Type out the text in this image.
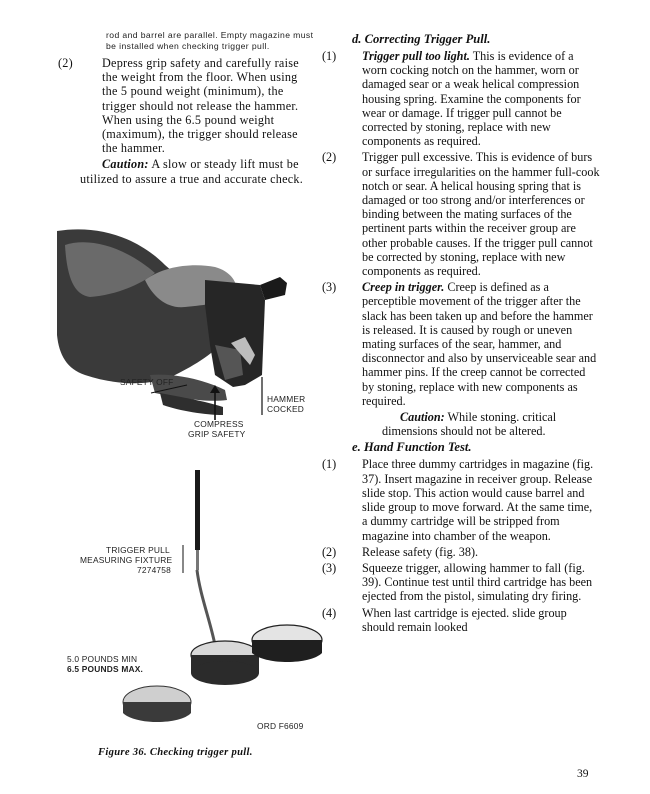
rod and barrel are parallel. Empty magazine must be installed when checking trigger pull.

(2) Depress grip safety and carefully raise the weight from the floor. When using the 5 pound weight (minimum), the trigger should not release the hammer. When using the 6.5 pound weight (maximum), the trigger should release the hammer.

Caution: A slow or steady lift must be utilized to assure a true and accurate check.

SAFETY OFF
HAMMER
COCKED
COMPRESS
GRIP SAFETY
TRIGGER PULL
MEASURING FIXTURE
7274758
5.0 POUNDS MIN
6.5 POUNDS MAX.
ORD F6609
Figure 36. Checking trigger pull.

d. Correcting Trigger Pull.

(1) Trigger pull too light. This is evidence of a worn cocking notch on the hammer, worn or damaged sear or a weak helical compression housing spring. Examine the components for wear or damage. If trigger pull cannot be corrected by stoning, replace with new components as required.

(2) Trigger pull excessive. This is evidence of burs or surface irregularities on the hammer full-cook notch or sear. A helical housing spring that is damaged or too strong and/or interferences or binding between the mating surfaces of the pertinent parts within the receiver group are other probable causes. If the trigger pull cannot be corrected by stoning, replace with new components as required.

(3) Creep in trigger. Creep is defined as a perceptible movement of the trigger after the slack has been taken up and before the hammer is released. It is caused by rough or uneven mating surfaces of the sear, hammer, and disconnector and also by unserviceable sear and hammer pins. If the creep cannot be corrected by stoning, replace with new components as required.

Caution: While stoning. critical dimensions should not be altered.

e. Hand Function Test.

(1) Place three dummy cartridges in magazine (fig. 37). Insert magazine in receiver group. Release slide stop. This action would cause barrel and slide group to move forward. At the same time, a dummy cartridge will be stripped from magazine into chamber of the weapon.

(2) Release safety (fig. 38).

(3) Squeeze trigger, allowing hammer to fall (fig. 39). Continue test until third cartridge has been ejected from the pistol, simulating dry firing.

(4) When last cartridge is ejected. slide group should remain looked

39
